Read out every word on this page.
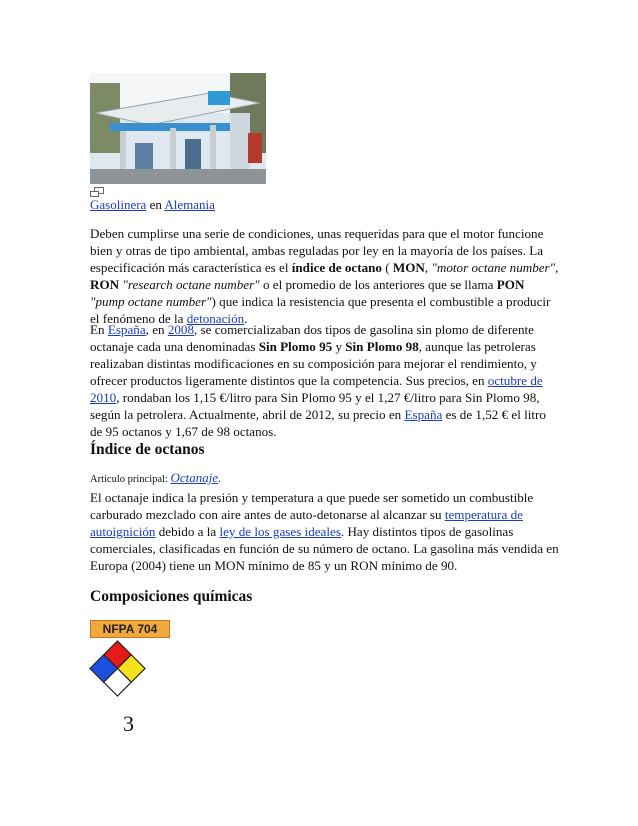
Gasolinera en Alemania

Deben cumplirse una serie de condiciones, unas requeridas para que el motor funcione bien y otras de tipo ambiental, ambas reguladas por ley en la mayoría de los países. La especificación más característica es el índice de octano ( MON, "motor octane number", RON "research octane number" o el promedio de los anteriores que se llama PON "pump octane number") que indica la resistencia que presenta el combustible a producir el fenómeno de la detonación.

En España, en 2008, se comercializaban dos tipos de gasolina sin plomo de diferente octanaje cada una denominadas Sin Plomo 95 y Sin Plomo 98, aunque las petroleras realizaban distintas modificaciones en su composición para mejorar el rendimiento, y ofrecer productos ligeramente distintos que la competencia. Sus precios, en octubre de 2010, rondaban los 1,15 €/litro para Sin Plomo 95 y el 1,27 €/litro para Sin Plomo 98, según la petrolera. Actualmente, abril de 2012, su precio en España es de 1,52 € el litro de 95 octanos y 1,67 de 98 octanos.

Índice de octanos
Artículo principal: Octanaje.

El octanaje indica la presión y temperatura a que puede ser sometido un combustible carburado mezclado con aire antes de auto-detonarse al alcanzar su temperatura de autoignición debido a la ley de los gases ideales. Hay distintos tipos de gasolinas comerciales, clasificadas en función de su número de octano. La gasolina más vendida en Europa (2004) tiene un MON mínimo de 85 y un RON mínimo de 90.

Composiciones químicas
NFPA 704
3
